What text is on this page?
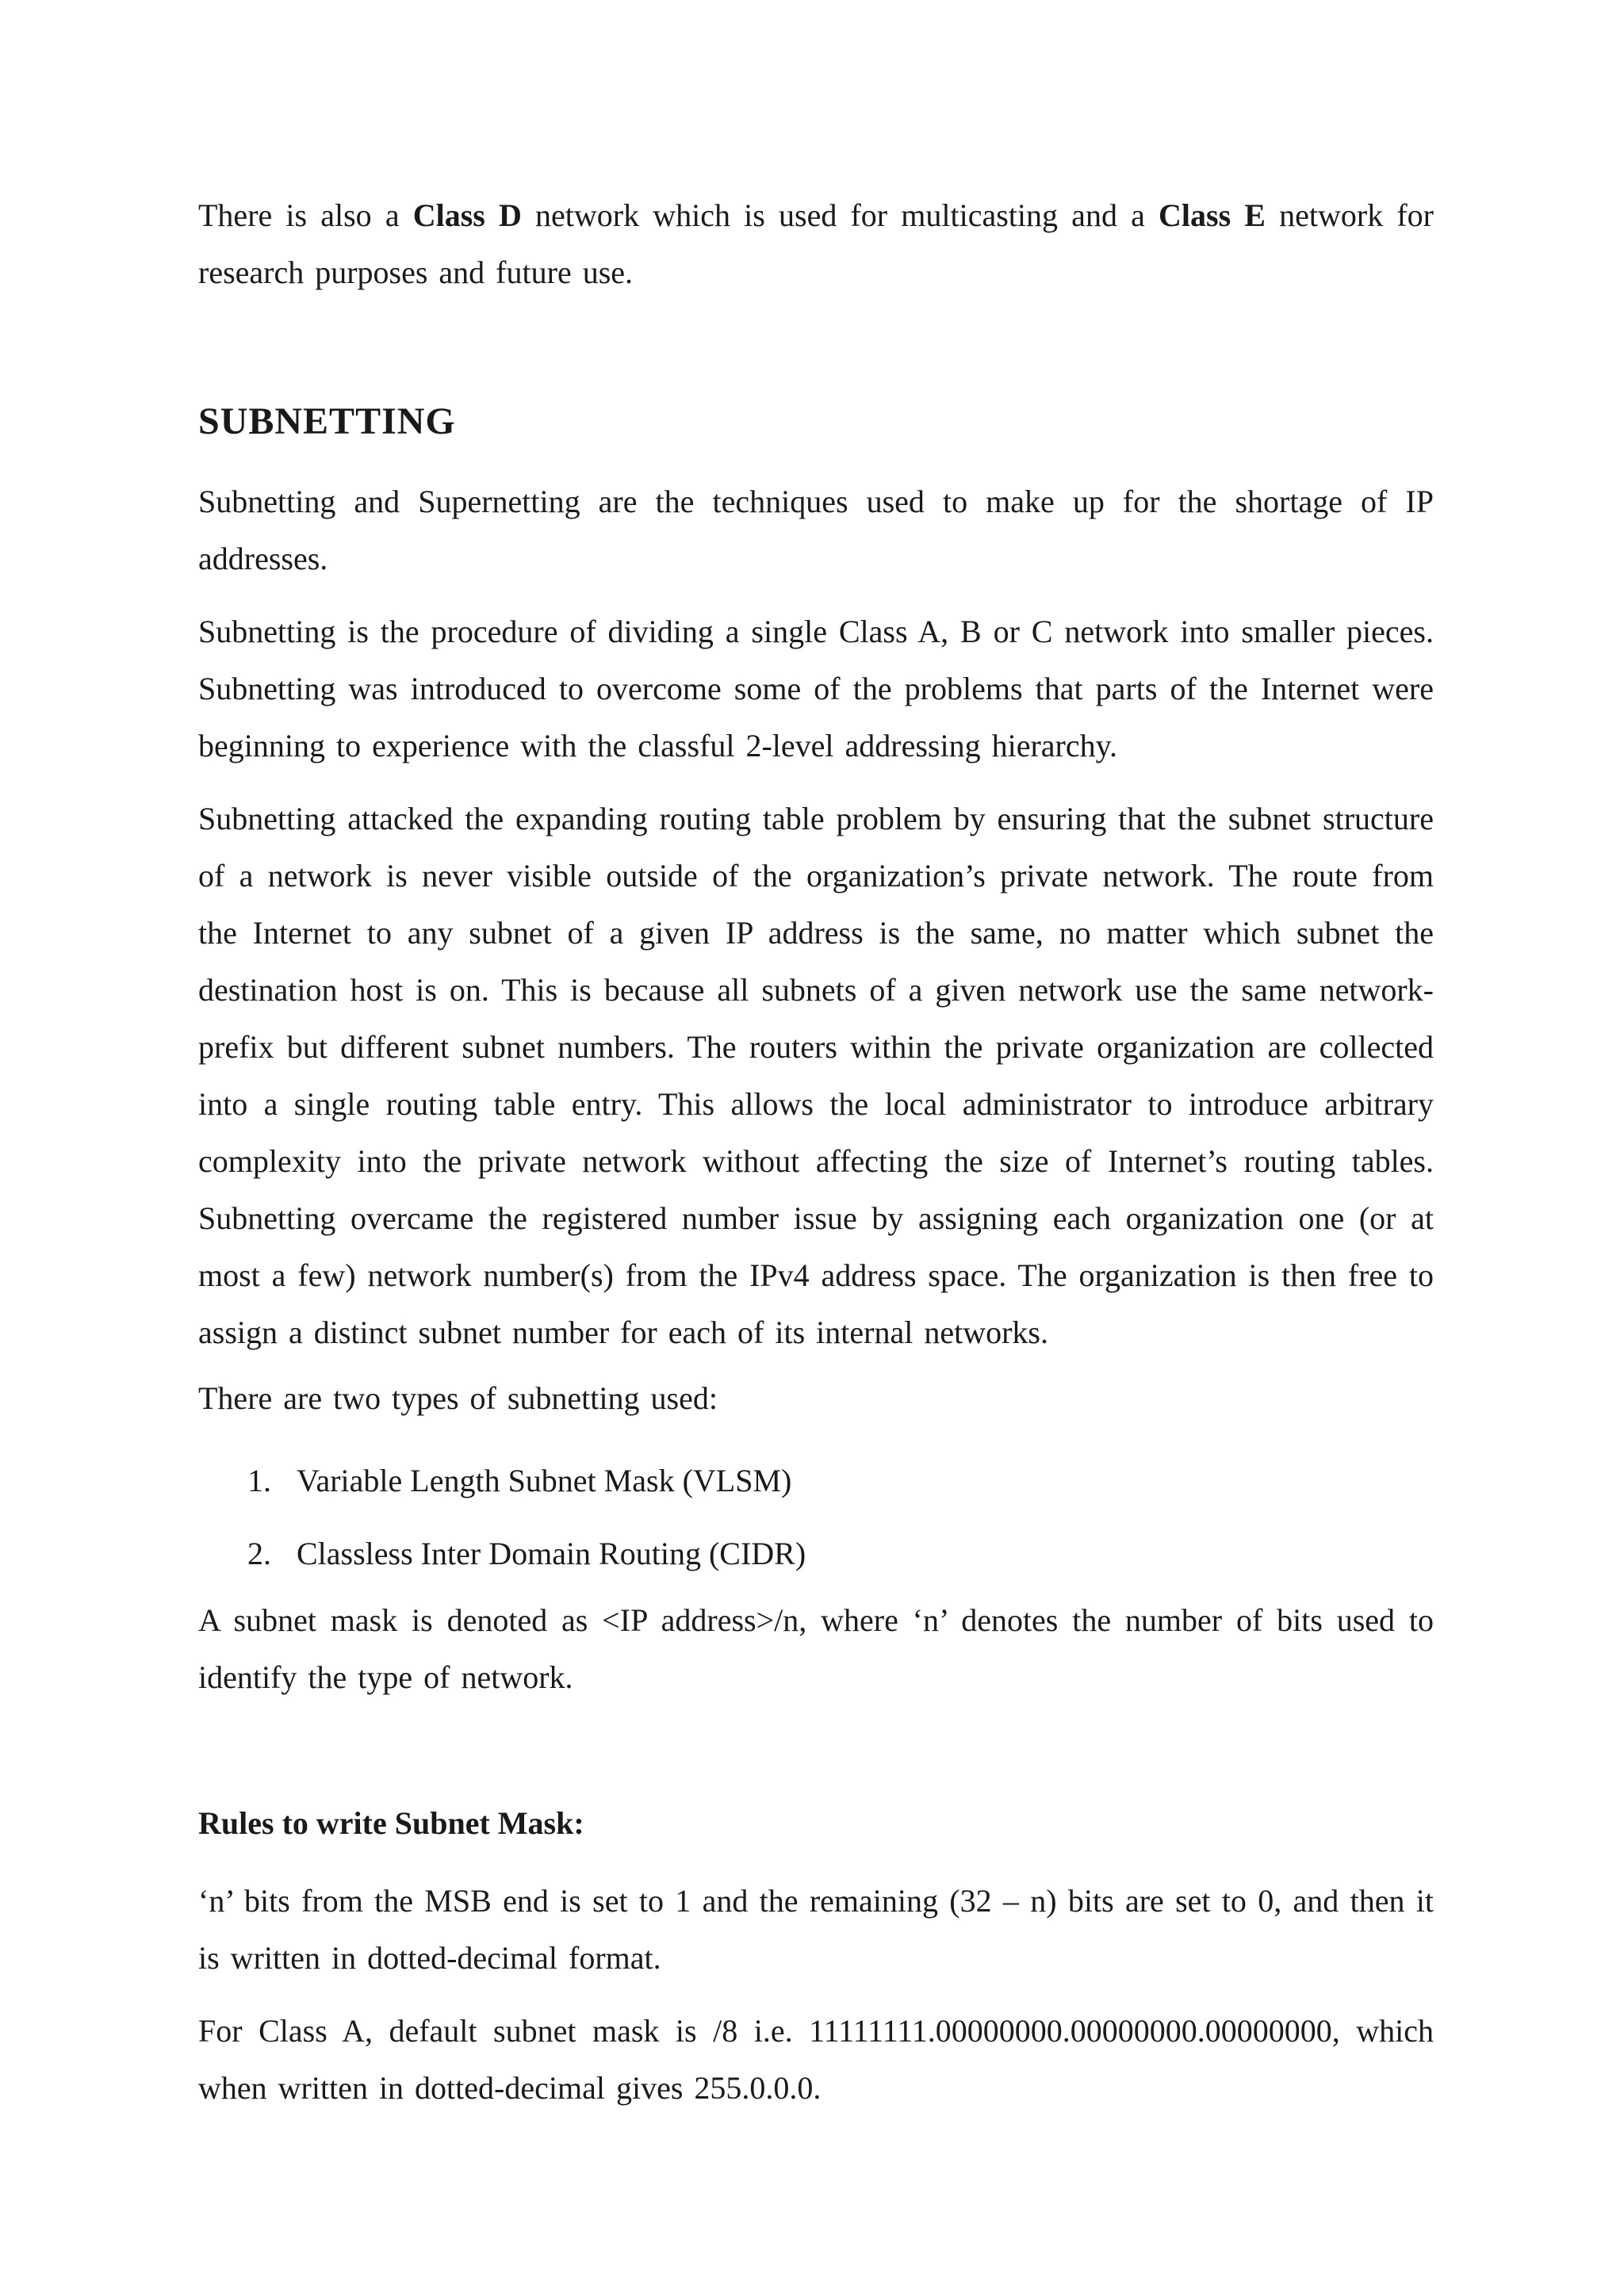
There is also a Class D network which is used for multicasting and a Class E network for research purposes and future use.

SUBNETTING

Subnetting and Supernetting are the techniques used to make up for the shortage of IP addresses.

Subnetting is the procedure of dividing a single Class A, B or C network into smaller pieces. Subnetting was introduced to overcome some of the problems that parts of the Internet were beginning to experience with the classful 2-level addressing hierarchy.

Subnetting attacked the expanding routing table problem by ensuring that the subnet structure of a network is never visible outside of the organization’s private network. The route from the Internet to any subnet of a given IP address is the same, no matter which subnet the destination host is on. This is because all subnets of a given network use the same network-prefix but different subnet numbers. The routers within the private organization are collected into a single routing table entry. This allows the local administrator to introduce arbitrary complexity into the private network without affecting the size of Internet’s routing tables. Subnetting overcame the registered number issue by assigning each organization one (or at most a few) network number(s) from the IPv4 address space. The organization is then free to assign a distinct subnet number for each of its internal networks.

There are two types of subnetting used:

1. Variable Length Subnet Mask (VLSM)
2. Classless Inter Domain Routing (CIDR)

A subnet mask is denoted as <IP address>/n, where ‘n’ denotes the number of bits used to identify the type of network.

Rules to write Subnet Mask:

‘n’ bits from the MSB end is set to 1 and the remaining (32 – n) bits are set to 0, and then it is written in dotted-decimal format.

For Class A, default subnet mask is /8 i.e. 11111111.00000000.00000000.00000000, which when written in dotted-decimal gives 255.0.0.0.
